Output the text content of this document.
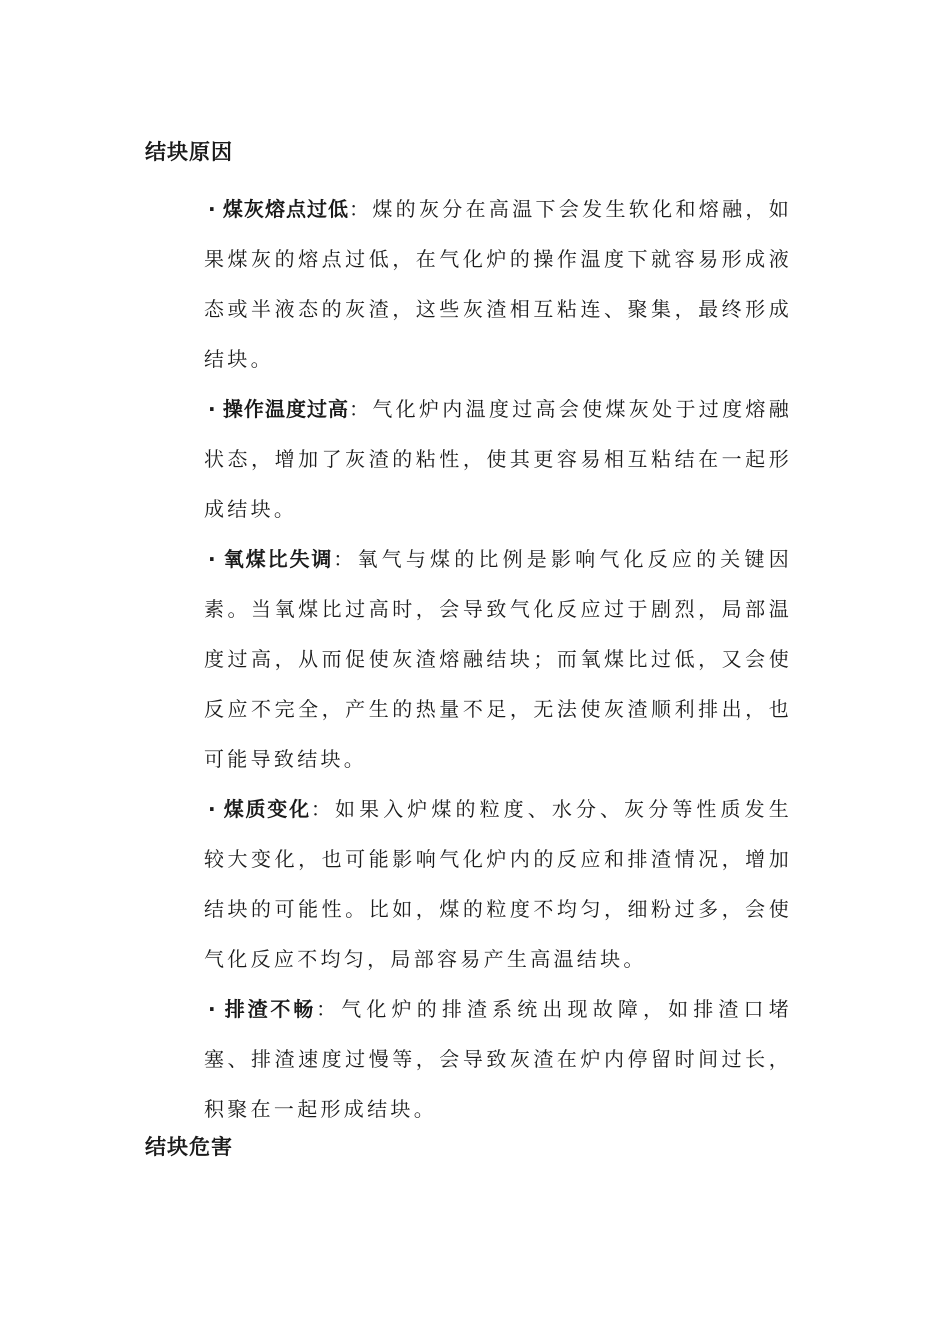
结块原因

· 煤灰熔点过低：煤的灰分在高温下会发生软化和熔融，如果煤灰的熔点过低，在气化炉的操作温度下就容易形成液态或半液态的灰渣，这些灰渣相互粘连、聚集，最终形成结块。

· 操作温度过高：气化炉内温度过高会使煤灰处于过度熔融状态，增加了灰渣的粘性，使其更容易相互粘结在一起形成结块。

· 氧煤比失调：氧气与煤的比例是影响气化反应的关键因素。当氧煤比过高时，会导致气化反应过于剧烈，局部温度过高，从而促使灰渣熔融结块；而氧煤比过低，又会使反应不完全，产生的热量不足，无法使灰渣顺利排出，也可能导致结块。

· 煤质变化：如果入炉煤的粒度、水分、灰分等性质发生较大变化，也可能影响气化炉内的反应和排渣情况，增加结块的可能性。比如，煤的粒度不均匀，细粉过多，会使气化反应不均匀，局部容易产生高温结块。

· 排渣不畅：气化炉的排渣系统出现故障，如排渣口堵塞、排渣速度过慢等，会导致灰渣在炉内停留时间过长，积聚在一起形成结块。

结块危害
